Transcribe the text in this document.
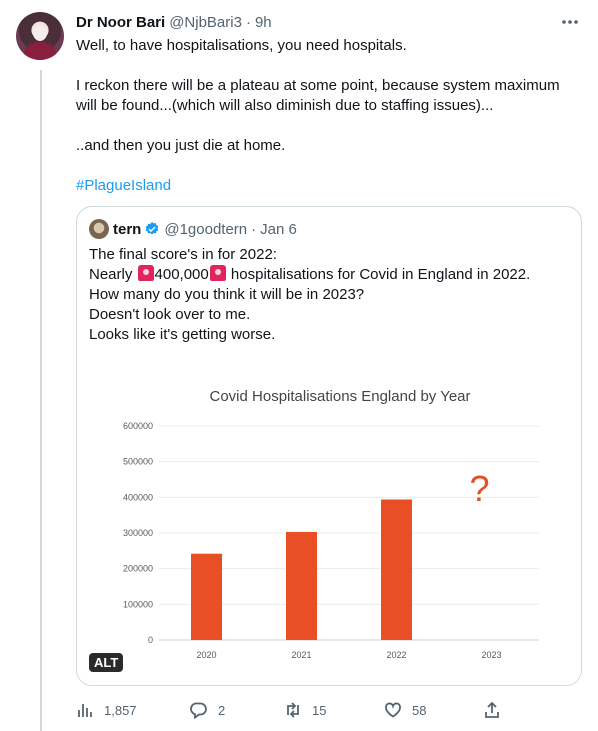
Dr Noor Bari @NjbBari3 · 9h

Well, to have hospitalisations, you need hospitals.

I reckon there will be a plateau at some point, because system maximum will be found...(which will also diminish due to staffing issues)...

..and then you just die at home.

#PlagueIsland

tern @1goodtern · Jan 6

The final score's in for 2022:

Nearly 400,000 hospitalisations for Covid in England in 2022.

How many do you think it will be in 2023?

Doesn't look over to me.

Looks like it's getting worse.

Covid Hospitalisations England by Year
0
100000
200000
300000
400000
500000
600000
2020	2021	2022	2023
?
ALT
1,857	2	15	58
